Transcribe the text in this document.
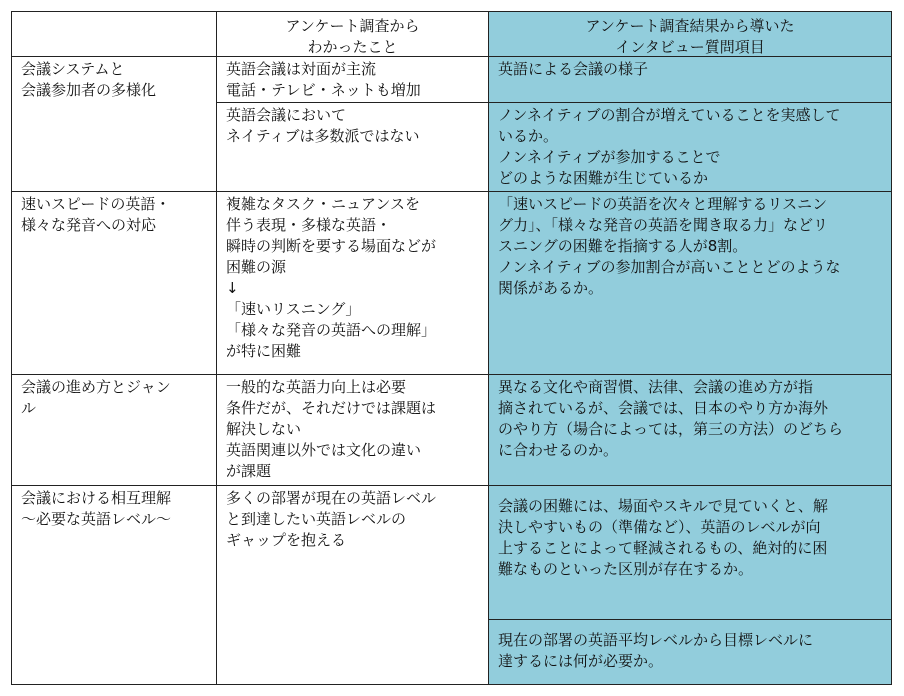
アンケート調査から
わかったこと
アンケート調査結果から導いた
インタビュー質問項目
会議システムと
会議参加者の多様化
英語会議は対面が主流
電話・テレビ・ネットも増加
英語会議において
ネイティブは多数派ではない
英語による会議の様子
ノンネイティブの割合が増えていることを実感して
いるか。
ノンネイティブが参加することで
どのような困難が生じているか
速いスピードの英語・
様々な発音への対応
複雑なタスク・ニュアンスを
伴う表現・多様な英語・
瞬時の判断を要する場面などが
困難の源
↓
「速いリスニング」
「様々な発音の英語への理解」
が特に困難
「速いスピードの英語を次々と理解するリスニン
グ力」、「様々な発音の英語を聞き取る力」などリ
スニングの困難を指摘する人が8割。
ノンネイティブの参加割合が高いこととどのような
関係があるか。
会議の進め方とジャン
ル
一般的な英語力向上は必要
条件だが、それだけでは課題は
解決しない
英語関連以外では文化の違い
が課題
異なる文化や商習慣、法律、会議の進め方が指
摘されているが、会議では、日本のやり方か海外
のやり方（場合によっては，第三の方法）のどちら
に合わせるのか。
会議における相互理解
～必要な英語レベル～
多くの部署が現在の英語レベル
と到達したい英語レベルの
ギャップを抱える
会議の困難には、場面やスキルで見ていくと、解
決しやすいもの（準備など）、英語のレベルが向
上することによって軽減されるもの、絶対的に困
難なものといった区別が存在するか。
現在の部署の英語平均レベルから目標レベルに
達するには何が必要か。
